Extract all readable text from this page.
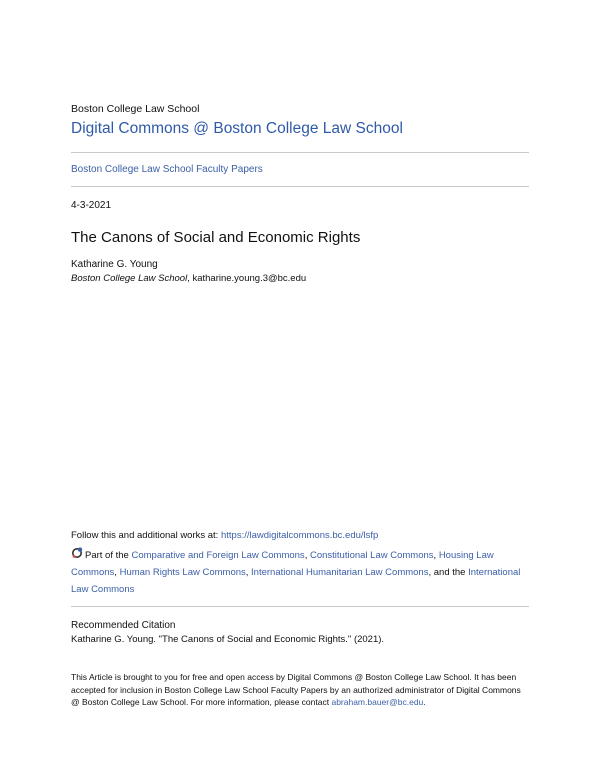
Boston College Law School
Digital Commons @ Boston College Law School
Boston College Law School Faculty Papers
4-3-2021
The Canons of Social and Economic Rights
Katharine G. Young
Boston College Law School, katharine.young.3@bc.edu
Follow this and additional works at: https://lawdigitalcommons.bc.edu/lsfp
Part of the Comparative and Foreign Law Commons, Constitutional Law Commons, Housing Law Commons, Human Rights Law Commons, International Humanitarian Law Commons, and the International Law Commons
Recommended Citation
Katharine G. Young. "The Canons of Social and Economic Rights." (2021).
This Article is brought to you for free and open access by Digital Commons @ Boston College Law School. It has been accepted for inclusion in Boston College Law School Faculty Papers by an authorized administrator of Digital Commons @ Boston College Law School. For more information, please contact abraham.bauer@bc.edu.
